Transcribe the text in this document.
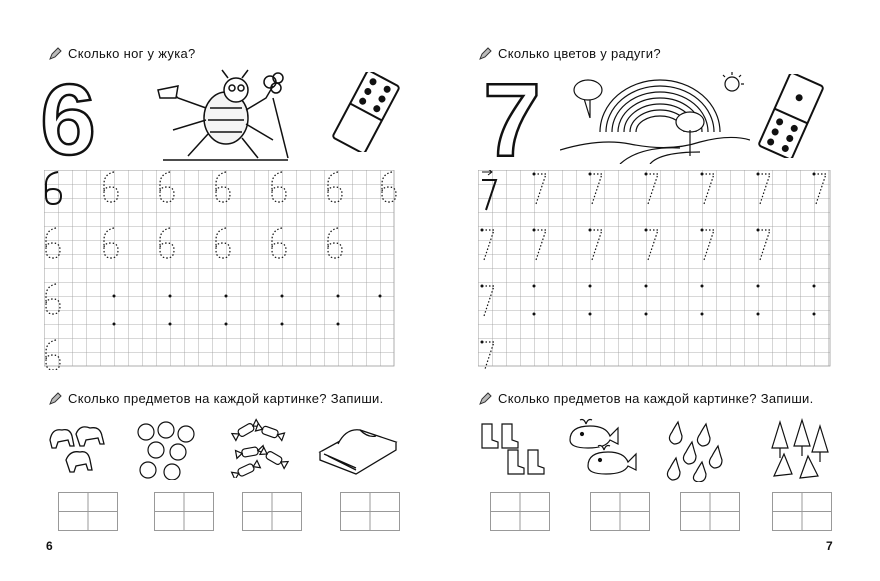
Сколько ног у жука?
6
Сколько предметов на каждой картинке? Запиши.
6
Сколько цветов у радуги?
7
Сколько предметов на каждой картинке? Запиши.
7
